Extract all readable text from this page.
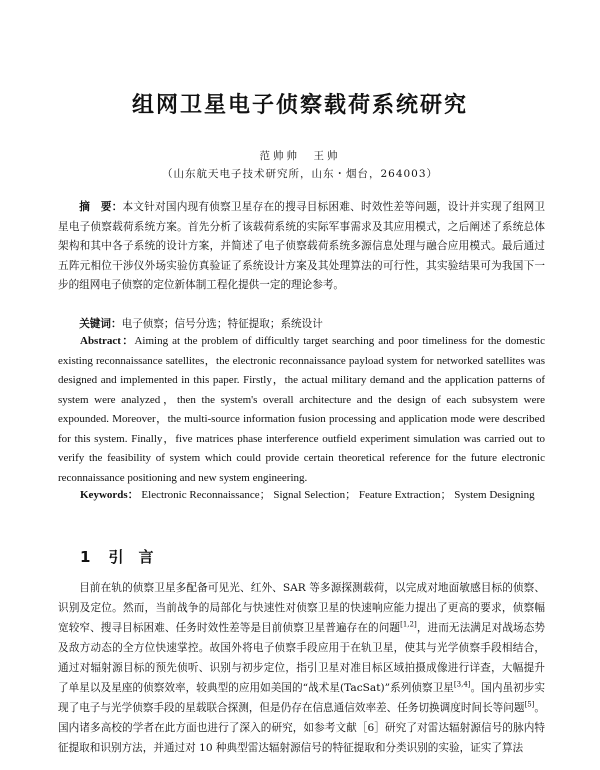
组网卫星电子侦察载荷系统研究
范帅帅　王帅
（山东航天电子技术研究所，山东・烟台，264003）
摘　要：本文针对国内现有侦察卫星存在的搜寻目标困难、时效性差等问题，设计并实现了组网卫星电子侦察载荷系统方案。首先分析了该载荷系统的实际军事需求及其应用模式，之后阐述了系统总体架构和其中各子系统的设计方案，并简述了电子侦察载荷系统多源信息处理与融合应用模式。最后通过五阵元相位干涉仪外场实验仿真验证了系统设计方案及其处理算法的可行性，其实验结果可为我国下一步的组网电子侦察的定位新体制工程化提供一定的理论参考。
关键词：电子侦察；信号分选；特征提取；系统设计
Abstract：Aiming at the problem of difficultly target searching and poor timeliness for the domestic existing reconnaissance satellites，the electronic reconnaissance payload system for networked satellites was designed and implemented in this paper. Firstly，the actual military demand and the application patterns of system were analyzed，then the system's overall architecture and the design of each subsystem were expounded. Moreover，the multi-source information fusion processing and application mode were described for this system. Finally，five matrices phase interference outfield experiment simulation was carried out to verify the feasibility of system which could provide certain theoretical reference for the future electronic reconnaissance positioning and new system engineering.
Keywords： Electronic Reconnaissance； Signal Selection； Feature Extraction； System Designing
1 引　言
目前在轨的侦察卫星多配备可见光、红外、SAR 等多源探测载荷，以完成对地面敏感目标的侦察、识别及定位。然而，当前战争的局部化与快速性对侦察卫星的快速响应能力提出了更高的要求，侦察幅宽较窄、搜寻目标困难、任务时效性差等是目前侦察卫星普遍存在的问题[1,2]，进而无法满足对战场态势及敌方动态的全方位快速掌控。故国外将电子侦察手段应用于在轨卫星，使其与光学侦察手段相结合，通过对辐射源目标的预先侦听、识别与初步定位，指引卫星对准目标区域拍摄成像进行详查，大幅提升了单星以及星座的侦察效率，较典型的应用如美国的“战术星(TacSat)”系列侦察卫星[3,4]。国内虽初步实现了电子与光学侦察手段的星载联合探测，但是仍存在信息通信效率差、任务切换调度时间长等问题[5]。国内诸多高校的学者在此方面也进行了深入的研究，如参考文献［6］研究了对雷达辐射源信号的脉内特征提取和识别方法，并通过对 10 种典型雷达辐射源信号的特征提取和分类识别的实验，证实了算法
